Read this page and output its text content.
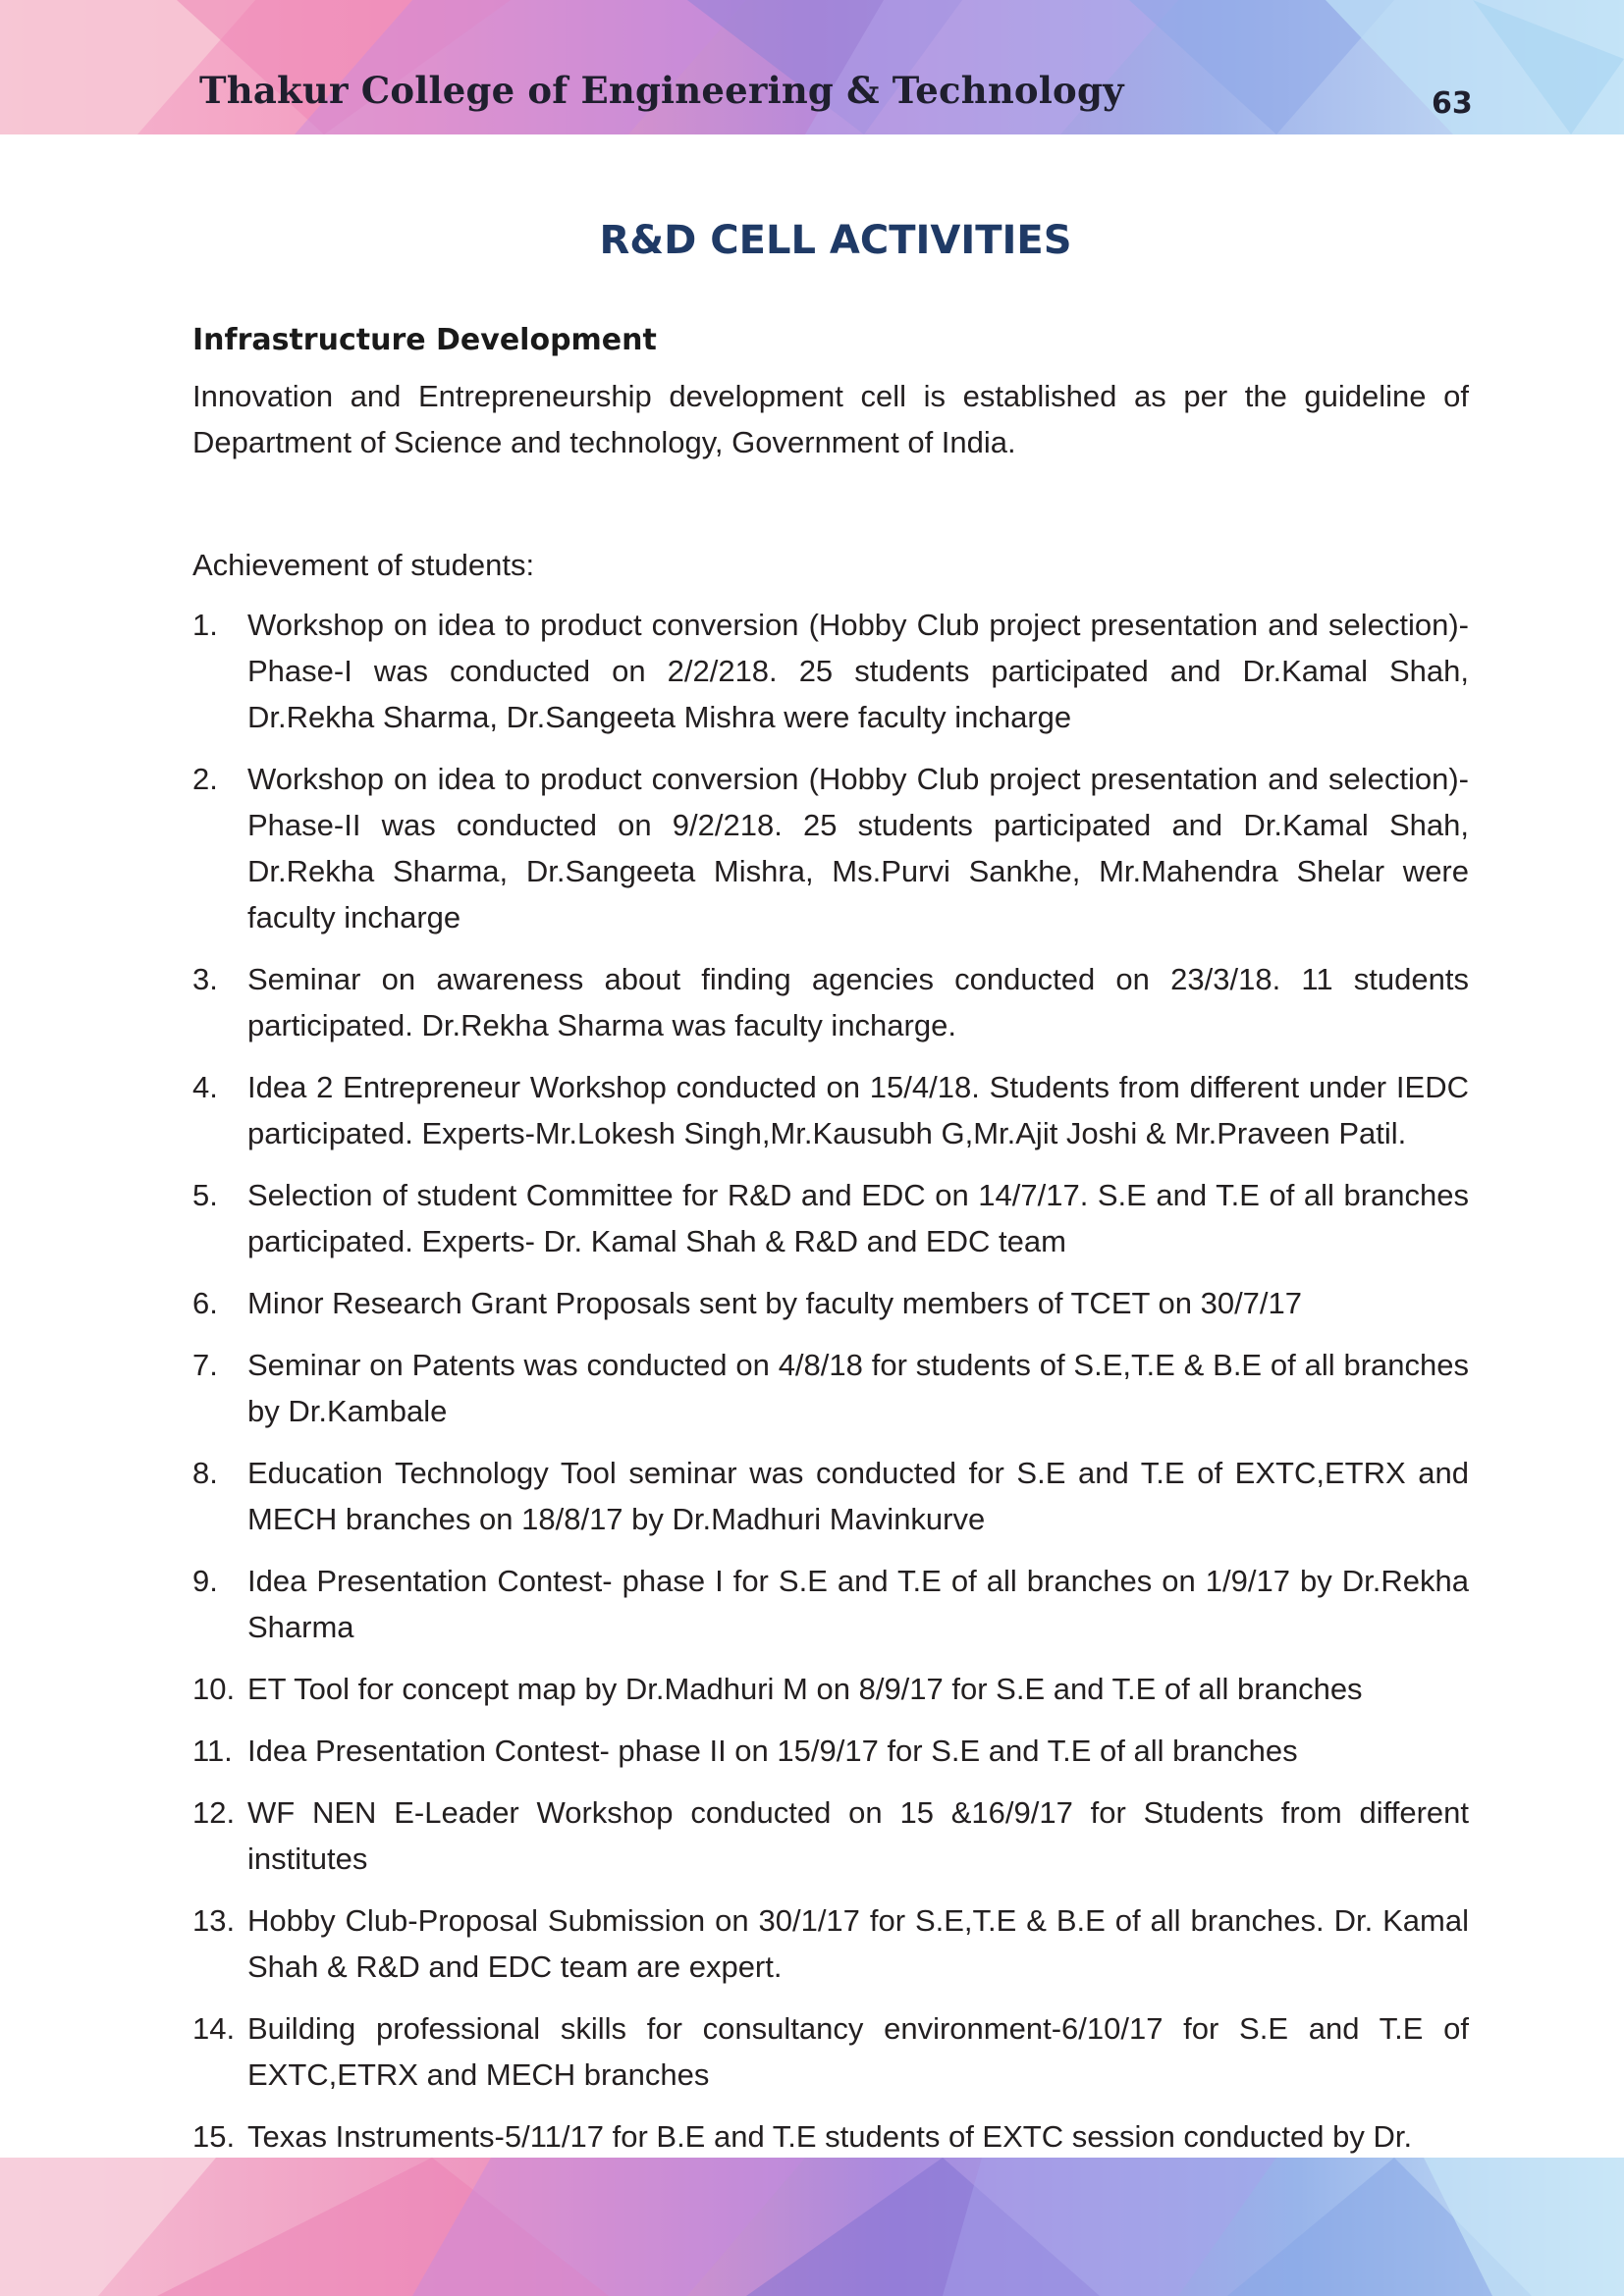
Thakur College of Engineering & Technology	63
R&D CELL ACTIVITIES
Infrastructure Development
Innovation and Entrepreneurship development cell is established as per the guideline of Department of Science and technology, Government of India.
Achievement of students:
1. Workshop on idea to product conversion (Hobby Club project presentation and selection)-Phase-I was conducted on 2/2/218. 25 students participated and Dr.Kamal Shah, Dr.Rekha Sharma, Dr.Sangeeta Mishra were faculty incharge
2. Workshop on idea to product conversion (Hobby Club project presentation and selection)-Phase-II was conducted on 9/2/218. 25 students participated and Dr.Kamal Shah, Dr.Rekha Sharma, Dr.Sangeeta Mishra, Ms.Purvi Sankhe, Mr.Mahendra Shelar were faculty incharge
3. Seminar on awareness about finding agencies conducted on 23/3/18. 11 students participated. Dr.Rekha Sharma was faculty incharge.
4. Idea 2 Entrepreneur Workshop conducted on 15/4/18. Students from different under IEDC participated. Experts-Mr.Lokesh Singh,Mr.Kausubh G,Mr.Ajit Joshi & Mr.Praveen Patil.
5. Selection of student Committee for R&D and EDC on 14/7/17. S.E and T.E of all branches participated. Experts- Dr. Kamal Shah & R&D and EDC team
6. Minor Research Grant Proposals sent by faculty members of TCET on 30/7/17
7. Seminar on Patents was conducted on 4/8/18 for students of S.E,T.E & B.E of all branches by Dr.Kambale
8. Education Technology Tool seminar was conducted for S.E and T.E of EXTC,ETRX and MECH branches on 18/8/17 by Dr.Madhuri Mavinkurve
9. Idea Presentation Contest- phase I for S.E and T.E of all branches on 1/9/17 by Dr.Rekha Sharma
10. ET Tool for concept map by Dr.Madhuri M on 8/9/17 for S.E and T.E of all branches
11. Idea Presentation Contest- phase II on 15/9/17 for S.E and T.E of all branches
12. WF NEN E-Leader Workshop conducted on 15 &16/9/17 for Students from different institutes
13. Hobby Club-Proposal Submission on 30/1/17 for S.E,T.E & B.E of all branches. Dr. Kamal Shah & R&D and EDC team are expert.
14. Building professional skills for consultancy environment-6/10/17 for S.E and T.E of EXTC,ETRX and MECH branches
15. Texas Instruments-5/11/17 for B.E and T.E students of EXTC session conducted by Dr.
